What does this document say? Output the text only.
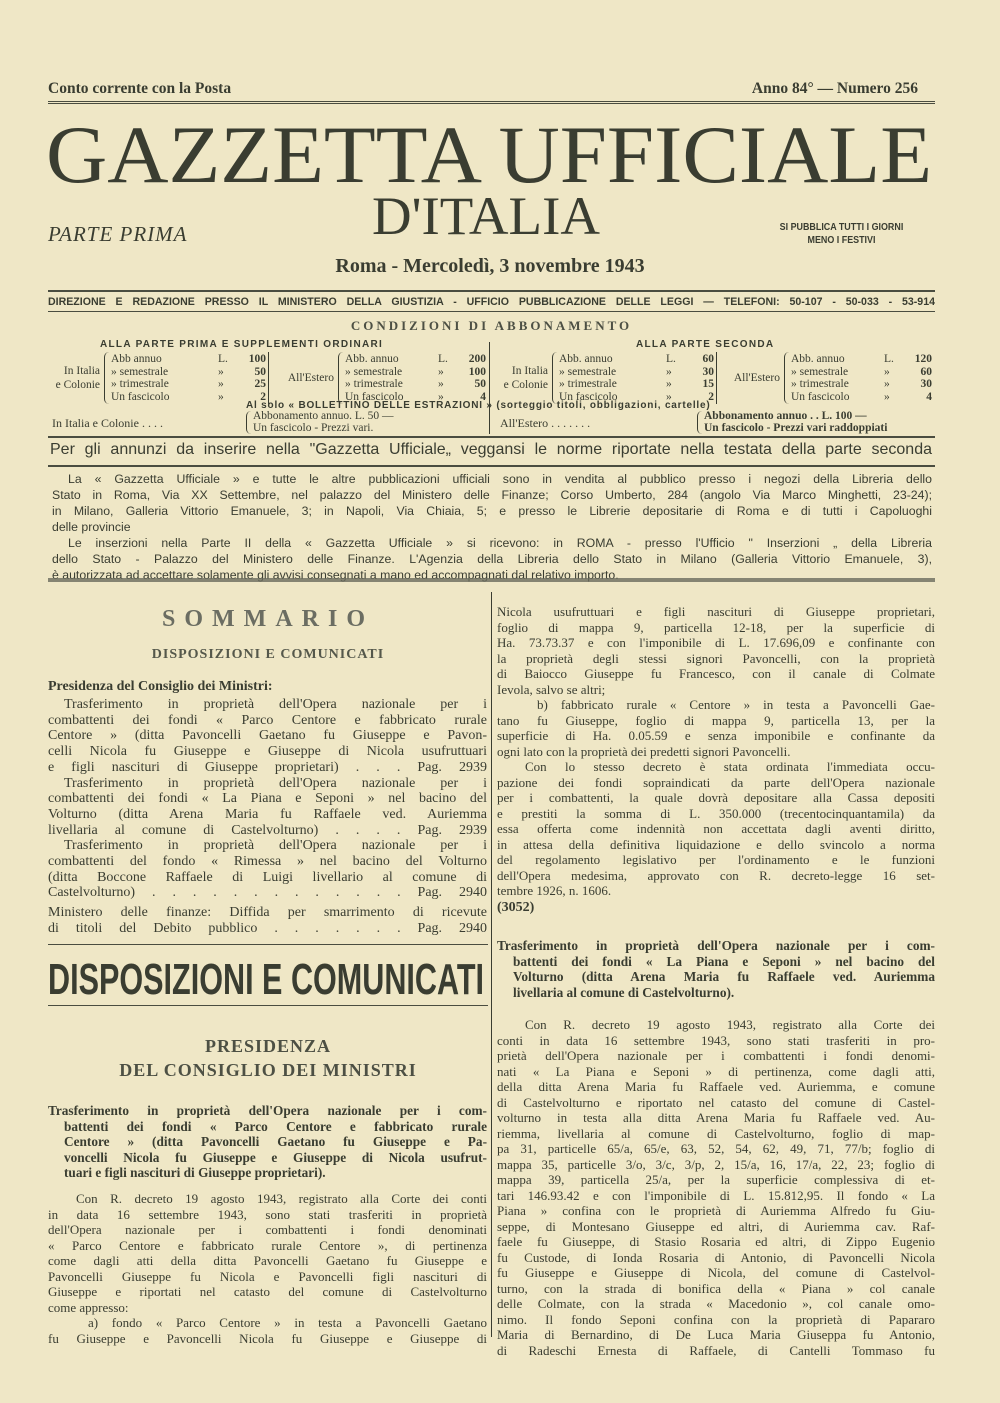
Conto corrente con la Posta	Anno 84° — Numero 256
GAZZETTA UFFICIALE
D'ITALIA
PARTE PRIMA	SI PUBBLICA TUTTI I GIORNI
MENO I FESTIVI
Roma - Mercoledì, 3 novembre 1943
DIREZIONE E REDAZIONE PRESSO IL MINISTERO DELLA GIUSTIZIA - UFFICIO PUBBLICAZIONE DELLE LEGGI — TELEFONI: 50-107 - 50-033 - 53-914
CONDIZIONI DI ABBONAMENTO
ALLA PARTE PRIMA E SUPPLEMENTI ORDINARI	ALLA PARTE SECONDA
In Italia
e Colonie
Abb annuo	L.	100
» semestrale	»	50
» trimestrale	»	25
Un fascicolo	»	2
All'Estero
Abb. annuo	L.	200
» semestrale	»	100
» trimestrale	»	50
Un fascicolo	»	4
In Italia
e Colonie
Abb. annuo	L.	60
» semestrale	»	30
» trimestrale	»	15
Un fascicolo	»	2
All'Estero
Abb. annuo	L.	120
» semestrale	»	60
» trimestrale	»	30
Un fascicolo	»	4
Al solo « BOLLETTINO DELLE ESTRAZIONI » (sorteggio titoli, obbligazioni, cartelle)
In Italia e Colonie . . . .	Abbonamento annuo. L. 50 —
Un fascicolo - Prezzi vari.	All'Estero . . . . . . .	Abbonamento annuo . . L. 100 —
Un fascicolo - Prezzi vari raddoppiati
Per gli annunzi da inserire nella "Gazzetta Ufficiale„ veggansi le norme riportate nella testata della parte seconda
La « Gazzetta Ufficiale » e tutte le altre pubblicazioni ufficiali sono in vendita al pubblico presso i negozi della Libreria dello
Stato in Roma, Via XX Settembre, nel palazzo del Ministero delle Finanze; Corso Umberto, 284 (angolo Via Marco Minghetti, 23-24);
in Milano, Galleria Vittorio Emanuele, 3; in Napoli, Via Chiaia, 5; e presso le Librerie depositarie di Roma e di tutti i Capoluoghi
delle provincie
Le inserzioni nella Parte II della « Gazzetta Ufficiale » si ricevono: in ROMA - presso l'Ufficio " Inserzioni „ della Libreria
dello Stato - Palazzo del Ministero delle Finanze. L'Agenzia della Libreria dello Stato in Milano (Galleria Vittorio Emanuele, 3),
è autorizzata ad accettare solamente gli avvisi consegnati a mano ed accompagnati dal relativo importo.
SOMMARIO
DISPOSIZIONI E COMUNICATI
Presidenza del Consiglio dei Ministri:
Trasferimento in proprietà dell'Opera nazionale per i
combattenti dei fondi « Parco Centore e fabbricato rurale
Centore » (ditta Pavoncelli Gaetano fu Giuseppe e Pavon-
celli Nicola fu Giuseppe e Giuseppe di Nicola usufruttuari
e figli nascituri di Giuseppe proprietari) . . . Pag. 2939
Trasferimento in proprietà dell'Opera nazionale per i
combattenti dei fondi « La Piana e Seponi » nel bacino del
Volturno (ditta Arena Maria fu Raffaele ved. Auriemma
livellaria al comune di Castelvolturno) . . . . Pag. 2939
Trasferimento in proprietà dell'Opera nazionale per i
combattenti del fondo « Rimessa » nel bacino del Volturno
(ditta Boccone Raffaele di Luigi livellario al comune di
Castelvolturno) . . . . . . . . . . . . . Pag. 2940
Ministero delle finanze: Diffida per smarrimento di ricevute
di titoli del Debito pubblico . . . . . . . Pag. 2940
DISPOSIZIONI E COMUNICATI
PRESIDENZA
DEL CONSIGLIO DEI MINISTRI
Trasferimento in proprietà dell'Opera nazionale per i com-
battenti dei fondi « Parco Centore e fabbricato rurale
Centore » (ditta Pavoncelli Gaetano fu Giuseppe e Pa-
voncelli Nicola fu Giuseppe e Giuseppe di Nicola usufrut-
tuari e figli nascituri di Giuseppe proprietari).
Con R. decreto 19 agosto 1943, registrato alla Corte dei conti
in data 16 settembre 1943, sono stati trasferiti in proprietà
dell'Opera nazionale per i combattenti i fondi denominati
« Parco Centore e fabbricato rurale Centore », di pertinenza
come dagli atti della ditta Pavoncelli Gaetano fu Giuseppe e
Pavoncelli Giuseppe fu Nicola e Pavoncelli figli nascituri di
Giuseppe e riportati nel catasto del comune di Castelvolturno
come appresso:
a) fondo « Parco Centore » in testa a Pavoncelli Gaetano
fu Giuseppe e Pavoncelli Nicola fu Giuseppe e Giuseppe di
Nicola usufruttuari e figli nascituri di Giuseppe proprietari,
foglio di mappa 9, particella 12-18, per la superficie di
Ha. 73.73.37 e con l'imponibile di L. 17.696,09 e confinante con
la proprietà degli stessi signori Pavoncelli, con la proprietà
di Baiocco Giuseppe fu Francesco, con il canale di Colmate
Ievola, salvo se altri;
b) fabbricato rurale « Centore » in testa a Pavoncelli Gae-
tano fu Giuseppe, foglio di mappa 9, particella 13, per la
superficie di Ha. 0.05.59 e senza imponibile e confinante da
ogni lato con la proprietà dei predetti signori Pavoncelli.
Con lo stesso decreto è stata ordinata l'immediata occu-
pazione dei fondi sopraindicati da parte dell'Opera nazionale
per i combattenti, la quale dovrà depositare alla Cassa depositi
e prestiti la somma di L. 350.000 (trecentocinquantamila) da
essa offerta come indennità non accettata dagli aventi diritto,
in attesa della definitiva liquidazione e dello svincolo a norma
del regolamento legislativo per l'ordinamento e le funzioni
dell'Opera medesima, approvato con R. decreto-legge 16 set-
tembre 1926, n. 1606.
(3052)
Trasferimento in proprietà dell'Opera nazionale per i com-
battenti dei fondi « La Piana e Seponi » nel bacino del
Volturno (ditta Arena Maria fu Raffaele ved. Auriemma
livellaria al comune di Castelvolturno).
Con R. decreto 19 agosto 1943, registrato alla Corte dei
conti in data 16 settembre 1943, sono stati trasferiti in pro-
prietà dell'Opera nazionale per i combattenti i fondi denomi-
nati « La Piana e Seponi » di pertinenza, come dagli atti,
della ditta Arena Maria fu Raffaele ved. Auriemma, e comune
di Castelvolturno e riportato nel catasto del comune di Castel-
volturno in testa alla ditta Arena Maria fu Raffaele ved. Au-
riemma, livellaria al comune di Castelvolturno, foglio di map-
pa 31, particelle 65/a, 65/e, 63, 52, 54, 62, 49, 71, 77/b; foglio di
mappa 35, particelle 3/o, 3/c, 3/p, 2, 15/a, 16, 17/a, 22, 23; foglio di
mappa 39, particella 25/a, per la superficie complessiva di et-
tari 146.93.42 e con l'imponibile di L. 15.812,95. Il fondo « La
Piana » confina con le proprietà di Auriemma Alfredo fu Giu-
seppe, di Montesano Giuseppe ed altri, di Auriemma cav. Raf-
faele fu Giuseppe, di Stasio Rosaria ed altri, di Zippo Eugenio
fu Custode, di Ionda Rosaria di Antonio, di Pavoncelli Nicola
fu Giuseppe e Giuseppe di Nicola, del comune di Castelvol-
turno, con la strada di bonifica della « Piana » col canale
delle Colmate, con la strada « Macedonio », col canale omo-
nimo. Il fondo Seponi confina con la proprietà di Papararo
Maria di Bernardino, di De Luca Maria Giuseppa fu Antonio,
di Radeschi Ernesta di Raffaele, di Cantelli Tommaso fu
